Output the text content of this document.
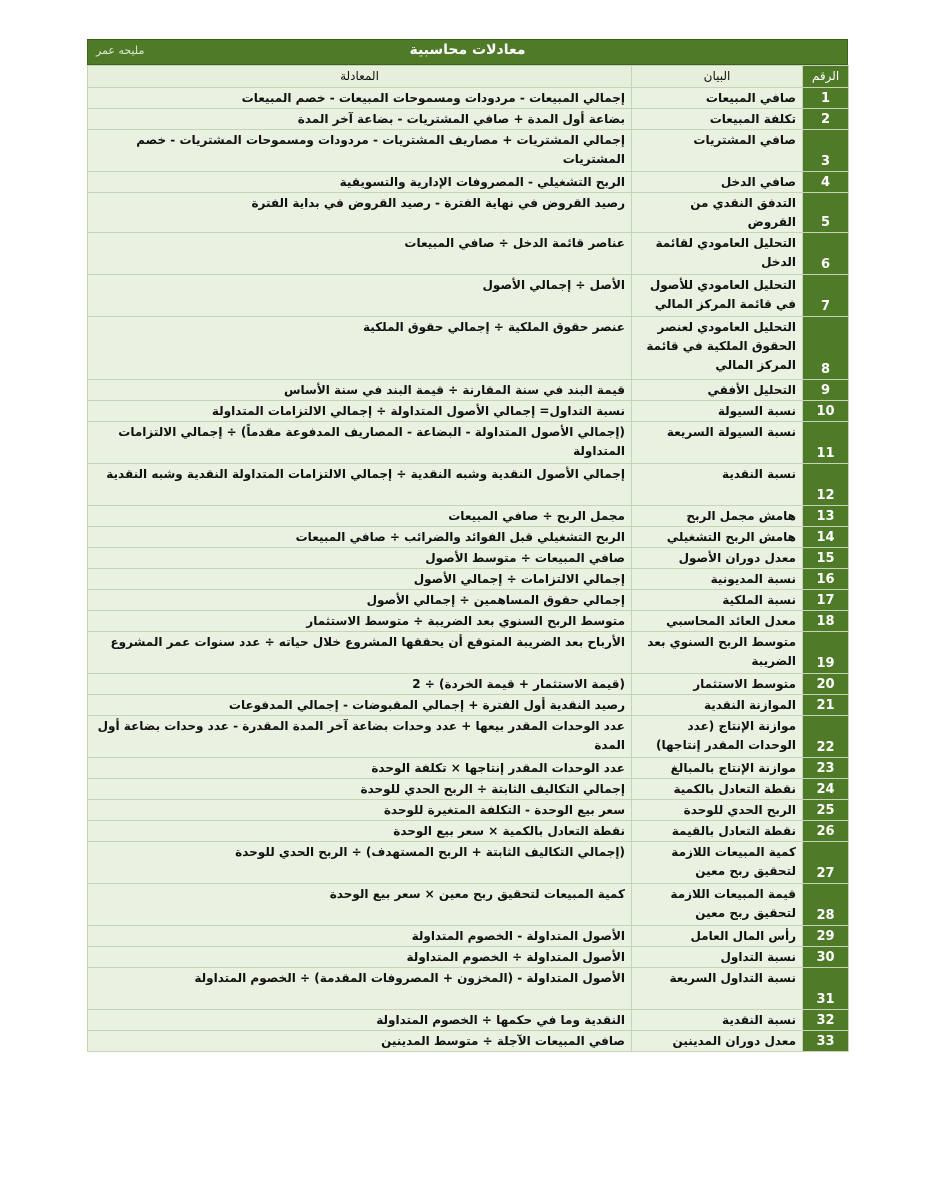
معادلات محاسبية
مليحه عمر
الرقم	البيان	المعادلة
1	صافي المبيعات	إجمالي المبيعات - مردودات ومسموحات المبيعات - خصم المبيعات
2	تكلفة المبيعات	بضاعة أول المدة + صافي المشتريات - بضاعة آخر المدة
3	صافي المشتريات	إجمالي المشتريات + مصاريف المشتريات - مردودات ومسموحات المشتريات - خصم المشتريات
4	صافي الدخل	الربح التشغيلي - المصروفات الإدارية والتسويقية
5	التدفق النقدي من القروض	رصيد القروض في نهاية الفترة - رصيد القروض في بداية الفترة
6	التحليل العامودي لقائمة الدخل	عناصر قائمة الدخل ÷ صافي المبيعات
7	التحليل العامودي للأصول في قائمة المركز المالي	الأصل ÷ إجمالي الأصول
8	التحليل العامودي لعنصر الحقوق الملكية في قائمة المركز المالي	عنصر حقوق الملكية ÷ إجمالي حقوق الملكية
9	التحليل الأفقي	قيمة البند في سنة المقارنة ÷ قيمة البند في سنة الأساس
10	نسبة السيولة	نسبة التداول= إجمالي الأصول المتداولة ÷ إجمالي الالتزامات المتداولة
11	نسبة السيولة السريعة	(إجمالي الأصول المتداولة - البضاعة - المصاريف المدفوعة مقدماً) ÷ إجمالي الالتزامات المتداولة
12	نسبة النقدية	إجمالي الأصول النقدية وشبه النقدية ÷ إجمالي الالتزامات المتداولة النقدية وشبه النقدية
13	هامش مجمل الربح	مجمل الربح ÷ صافي المبيعات
14	هامش الربح التشغيلي	الربح التشغيلي قبل الفوائد والضرائب ÷ صافي المبيعات
15	معدل دوران الأصول	صافي المبيعات ÷ متوسط الأصول
16	نسبة المديونية	إجمالي الالتزامات ÷ إجمالي الأصول
17	نسبة الملكية	إجمالي حقوق المساهمين ÷ إجمالي الأصول
18	معدل العائد المحاسبي	متوسط الربح السنوي بعد الضريبة ÷ متوسط الاستثمار
19	متوسط الربح السنوي بعد الضريبة	الأرباح بعد الضريبة المتوقع أن يحققها المشروع خلال حياته ÷ عدد سنوات عمر المشروع
20	متوسط الاستثمار	(قيمة الاستثمار + قيمة الخردة) ÷ 2
21	الموازنة النقدية	رصيد النقدية أول الفترة + إجمالي المقبوضات - إجمالي المدفوعات
22	موازنة الإنتاج (عدد الوحدات المقدر إنتاجها)	عدد الوحدات المقدر بيعها + عدد وحدات بضاعة آخر المدة المقدرة - عدد وحدات بضاعة أول المدة
23	موازنة الإنتاج بالمبالغ	عدد الوحدات المقدر إنتاجها × تكلفة الوحدة
24	نقطة التعادل بالكمية	إجمالي التكاليف الثابتة ÷ الربح الحدي للوحدة
25	الربح الحدي للوحدة	سعر بيع الوحدة - التكلفة المتغيرة للوحدة
26	نقطة التعادل بالقيمة	نقطة التعادل بالكمية × سعر بيع الوحدة
27	كمية المبيعات اللازمة لتحقيق ربح معين	(إجمالي التكاليف الثابتة + الربح المستهدف) ÷ الربح الحدي للوحدة
28	قيمة المبيعات اللازمة لتحقيق ربح معين	كمية المبيعات لتحقيق ربح معين × سعر بيع الوحدة
29	رأس المال العامل	الأصول المتداولة - الخصوم المتداولة
30	نسبة التداول	الأصول المتداولة ÷ الخصوم المتداولة
31	نسبة التداول السريعة	الأصول المتداولة - (المخزون + المصروفات المقدمة) ÷ الخصوم المتداولة
32	نسبة النقدية	النقدية وما في حكمها ÷ الخصوم المتداولة
33	معدل دوران المدينين	صافي المبيعات الآجلة ÷ متوسط المدينين
